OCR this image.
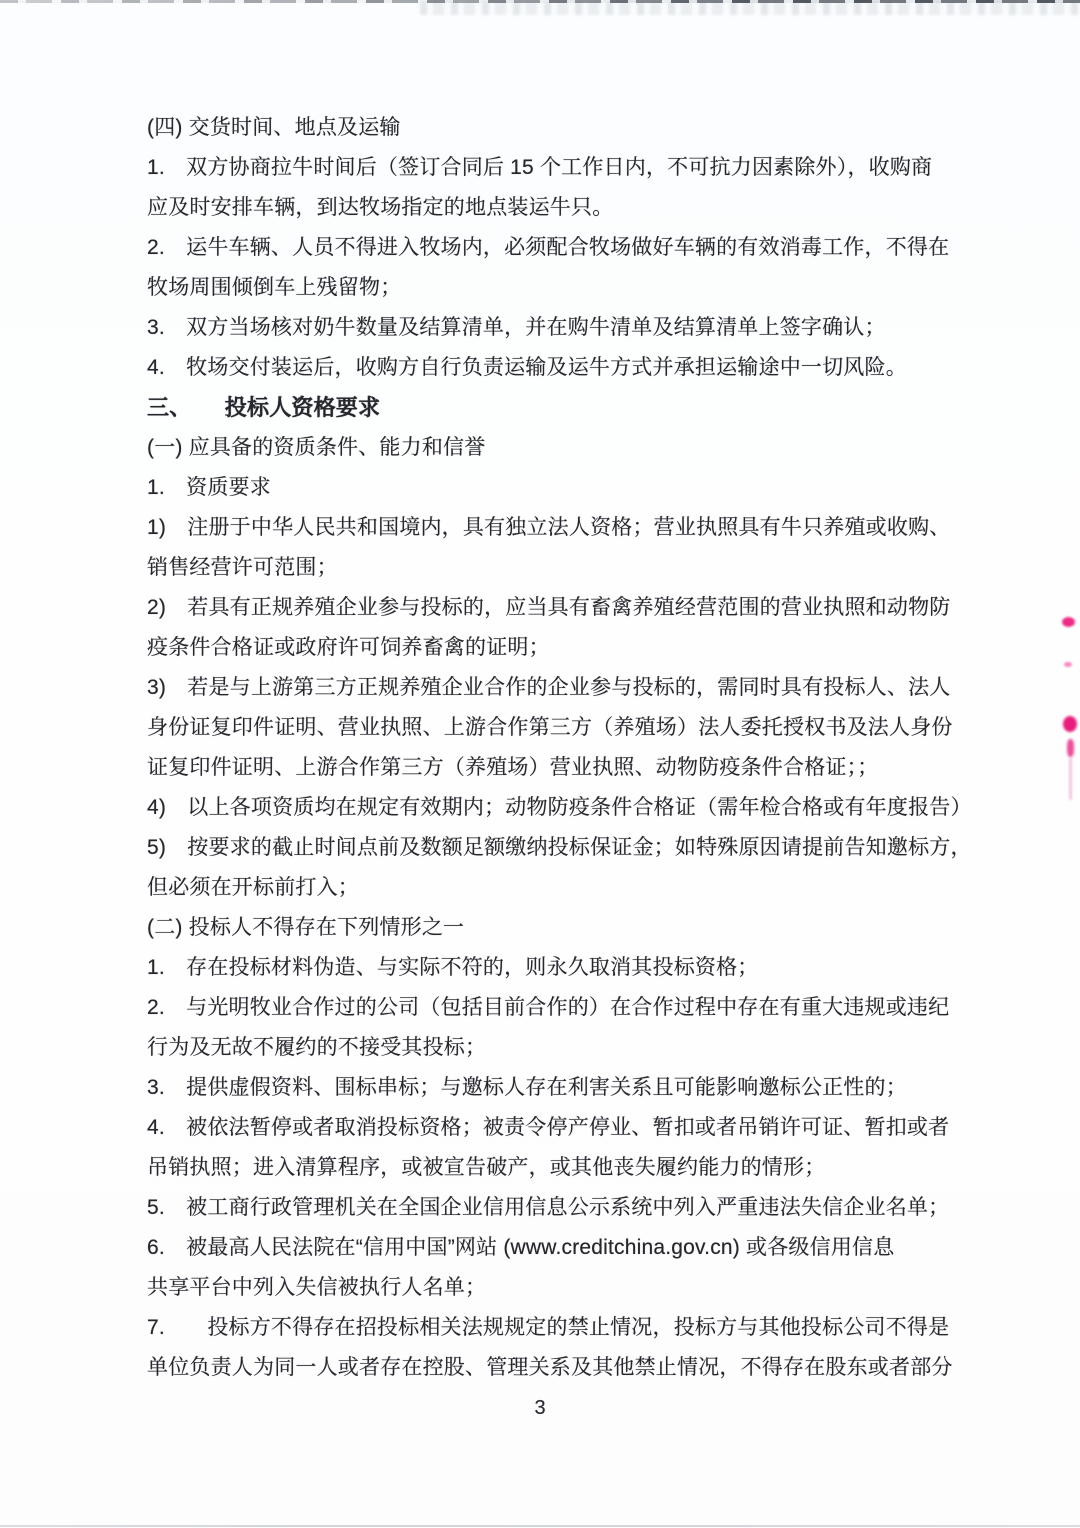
(四) 交货时间、地点及运输
1.　双方协商拉牛时间后（签订合同后 15 个工作日内，不可抗力因素除外），收购商
应及时安排车辆，到达牧场指定的地点装运牛只。
2.　运牛车辆、人员不得进入牧场内，必须配合牧场做好车辆的有效消毒工作，不得在
牧场周围倾倒车上残留物；
3.　双方当场核对奶牛数量及结算清单，并在购牛清单及结算清单上签字确认；
4.　牧场交付装运后，收购方自行负责运输及运牛方式并承担运输途中一切风险。
三、　　投标人资格要求
(一) 应具备的资质条件、能力和信誉
1.　资质要求
1)　注册于中华人民共和国境内，具有独立法人资格；营业执照具有牛只养殖或收购、
销售经营许可范围；
2)　若具有正规养殖企业参与投标的，应当具有畜禽养殖经营范围的营业执照和动物防
疫条件合格证或政府许可饲养畜禽的证明；
3)　若是与上游第三方正规养殖企业合作的企业参与投标的，需同时具有投标人、法人
身份证复印件证明、营业执照、上游合作第三方（养殖场）法人委托授权书及法人身份
证复印件证明、上游合作第三方（养殖场）营业执照、动物防疫条件合格证；；
4)　以上各项资质均在规定有效期内；动物防疫条件合格证（需年检合格或有年度报告）
5)　按要求的截止时间点前及数额足额缴纳投标保证金；如特殊原因请提前告知邀标方，
但必须在开标前打入；
(二) 投标人不得存在下列情形之一
1.　存在投标材料伪造、与实际不符的，则永久取消其投标资格；
2.　与光明牧业合作过的公司（包括目前合作的）在合作过程中存在有重大违规或违纪
行为及无故不履约的不接受其投标；
3.　提供虚假资料、围标串标；与邀标人存在利害关系且可能影响邀标公正性的；
4.　被依法暂停或者取消投标资格；被责令停产停业、暂扣或者吊销许可证、暂扣或者
吊销执照；进入清算程序，或被宣告破产，或其他丧失履约能力的情形；
5.　被工商行政管理机关在全国企业信用信息公示系统中列入严重违法失信企业名单；
6.　被最高人民法院在“信用中国”网站 (www.creditchina.gov.cn) 或各级信用信息
共享平台中列入失信被执行人名单；
7.　　投标方不得存在招投标相关法规规定的禁止情况，投标方与其他投标公司不得是
单位负责人为同一人或者存在控股、管理关系及其他禁止情况，不得存在股东或者部分
3
